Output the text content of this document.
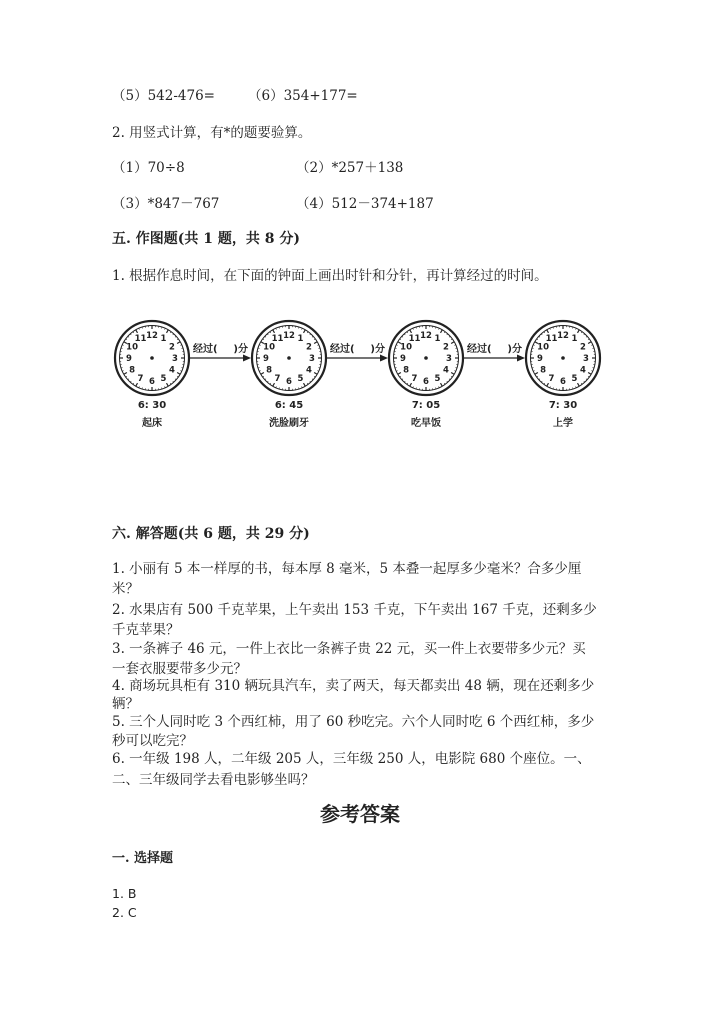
（5）542-476= （6）354+177=
2. 用竖式计算，有*的题要验算。
（1）70÷8	（2）*257＋138
（3）*847－767	（4）512－374+187
五. 作图题(共 1 题，共 8 分)
1. 根据作息时间，在下面的钟面上画出时针和分针，再计算经过的时间。
12 1
2
3
4
5
6
7
8
9
10
11	12 1
2
3
4
5
6
7
8
9
10
11	12 1
2
3
4
5
6
7
8
9
10
11	12 1
2
3
4
5
6
7
8
9
10
11
经过( )分	经过( )分	经过( )分
6: 30
起床
6: 45
洗脸刷牙
7: 05
吃早饭
7: 30
上学
六. 解答题(共 6 题，共 29 分)
1. 小丽有 5 本一样厚的书，每本厚 8 毫米，5 本叠一起厚多少毫米？合多少厘
米？
2. 水果店有 500 千克苹果，上午卖出 153 千克，下午卖出 167 千克，还剩多少
千克苹果？
3. 一条裤子 46 元，一件上衣比一条裤子贵 22 元，买一件上衣要带多少元？买
一套衣服要带多少元？
4. 商场玩具柜有 310 辆玩具汽车，卖了两天，每天都卖出 48 辆，现在还剩多少
辆？
5. 三个人同时吃 3 个西红柿，用了 60 秒吃完。六个人同时吃 6 个西红柿，多少
秒可以吃完？
6. 一年级 198 人，二年级 205 人，三年级 250 人，电影院 680 个座位。一、
二、三年级同学去看电影够坐吗？
参考答案
一. 选择题
1. B
2. C
